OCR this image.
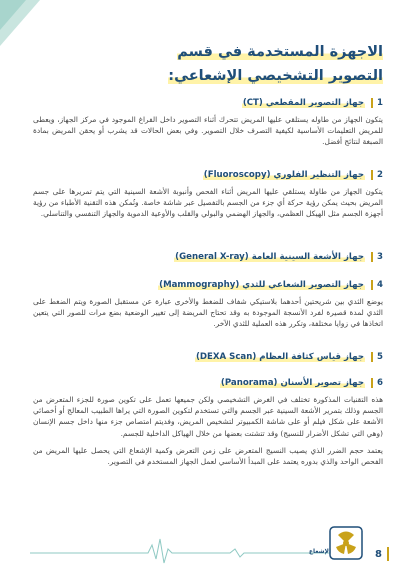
الاجهزة المستخدمة في قسم
التصوير التشخيصي الإشعاعي:
1
جهاز التصوير المقطعي (CT)
يتكون الجهاز من طاوله يستلقي عليها المريض تتحرك أثناء التصوير داخل الفراغ الموجود في مركز الجهاز، ويعطى للمريض التعليمات الأساسية لكيفية التصرف خلال التصوير. وفي بعض الحالات قد يشرب أو يحقن المريض بمادة الصبغة لنتائج أفضل.
2
جهاز التنظير الفلوري (Fluoroscopy)
يتكون الجهاز من طاولة يستلقي عليها المريض أثناء الفحص وأنبوبة الأشعة السينية التي يتم تمريرها على جسم المريض بحيث يمكن رؤية حركة أي جزء من الجسم بالتفصيل عبر شاشة خاصة. وتُمكن هذه التقنية الأطباء من رؤية أجهزة الجسم مثل الهيكل العظمي، والجهاز الهضمي والبولي والقلب والأوعية الدموية والجهاز التنفسي والتناسلي.
3
جهاز الأشعة السينية العامة (General X-ray)
4
جهاز التصوير الشعاعي للثدي (Mammography)
يوضع الثدي بين شريحتين أحدهما بلاستيكي شفاف للضغط والأخرى عبارة عن مستقبل الصورة ويتم الضغط على الثدي لمدة قصيرة لفرد الأنسجة الموجودة به وقد تحتاج المريضة إلى تغيير الوضعية بضع مرات للصور التي يتعين اتخاذها في زوايا مختلفة، وتكرر هذه العملية للثدي الآخر.
5
جهاز قياس كثافة العظام (DEXA Scan)
6
جهاز تصوير الأسنان (Panorama)
هذه التقنيات المذكورة تختلف في الغرض التشخيصي ولكن جميعها تعمل على تكوين صورة للجزء المتعرض من الجسم وذلك بتمرير الأشعة السينية عبر الجسم والتي تستخدم لتكوين الصورة التي يراها الطبيب المعالج أو أخصائي الأشعة على شكل فيلم أو على شاشة الكمبيوتر لتشخيص المريض، وفديتم امتصاص جزء منها داخل جسم الإنسان (وهي التي تشكل الأضرار للنسيج) وقد تتشتت بعضها من خلال الهياكل الداخلية للجسم.
يعتمد حجم الضرر الذي يصيب النسيج المتعرض على زمن التعرض وكمية الإشعاع التي يحصل عليها المريض من الفحص الواحد والذي بدوره يعتمد على المبدأ الأساسي لعمل الجهاز المستخدم في التصوير.
الإشعاع	8
